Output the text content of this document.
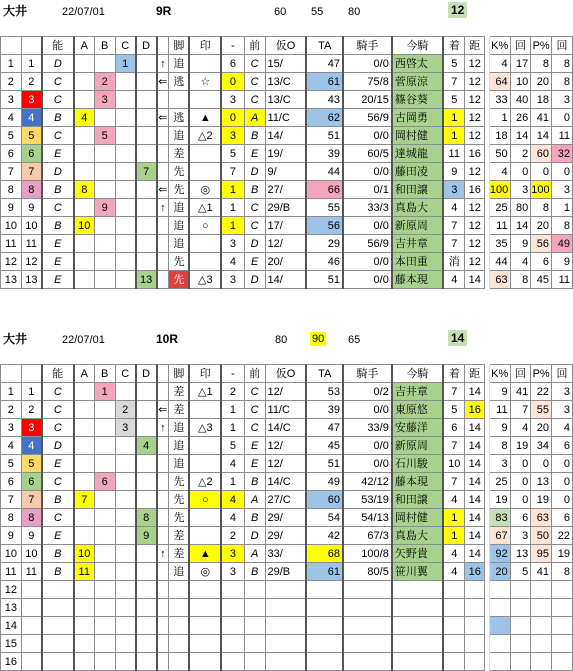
大井	22/07/01	9R	60 55 80	12
		能	A	B	C	D		脚	印	-	前	仮O	TA	騎手	今騎	着	距		K%	回	P%	回
1	1	D			1		↑	追		6	C	15/	47	0/0	西啓太	5	12		4	17	8	8
2	2	C		2			⇐	逃	☆	0	C	13/C	61	75/8	菅原涼	7	12		64	10	20	8
3	3	C		3						3	C	13/C	43	20/15	篠谷葵	5	12		33	40	18	3
4	4	B	4				⇐	逃	▲	0	A	11/C	62	56/9	古岡勇	1	12		1	26	41	0
5	5	C		5				追	△2	3	B	14/	51	0/0	岡村健	1	12		18	14	14	11
6	6	E						差		5	E	19/	39	60/5	達城龍	11	16		50	2	60	32
7	7	D				7		先		7	D	9/	44	0/0	藤田凌	9	12		4	0	0	0
8	8	B	8				⇐	先	◎	1	B	27/	66	0/1	和田譲	3	16		100	3	100	3
9	9	C		9			↑	追	△1	1	C	29/B	55	33/3	真島大	4	12		25	80	8	1
10	10	B	10					追	○	1	C	17/	56	0/0	新原周	7	12		11	14	20	8
11	11	E						追		3	D	12/	29	56/9	吉井章	7	12		35	9	56	49
12	12	E						先		4	E	20/	46	0/0	本田重	消	12		44	4	6	9
13	13	E				13		先	△3	3	D	14/	51	0/0	藤本現	4	14		63	8	45	11
大井	22/07/01	10R	80 90 65	14
		能	A	B	C	D		脚	印	-	前	仮O	TA	騎手	今騎	着	距		K%	回	P%	回
1	1	C		1				差	△1	2	C	12/	53	0/2	吉井章	7	14		9	41	22	3
2	2	C			2		⇐	差		1	C	11/C	39	0/0	東原悠	5	16		11	7	55	3
3	3	C			3		↑	追	△3	1	C	14/C	47	33/9	安藤洋	6	14		9	4	20	4
4	4	D				4		追		5	E	12/	45	0/0	新原周	7	14		8	19	34	6
5	5	E						追		4	E	12/	51	0/0	石川駿	10	14		3	0	0	0
6	6	C		6				先	△2	1	B	14/C	49	42/12	藤本現	7	14		25	0	13	0
7	7	B	7					先	○	4	A	27/C	60	53/19	和田譲	4	14		19	0	19	0
8	8	C				8		先		4	B	29/	54	54/13	岡村健	1	14		83	6	63	6
9	9	E				9		差		2	D	29/	42	67/3	真島大	1	14		67	3	50	22
10	10	B	10				↑	差	▲	3	A	33/	68	100/8	矢野貴	4	14		92	13	95	19
11	11	B	11					追	◎	3	B	29/B	61	80/5	笹川翼	4	16		20	5	41	8
12																						
13																						
14																						
15																						
16																						
